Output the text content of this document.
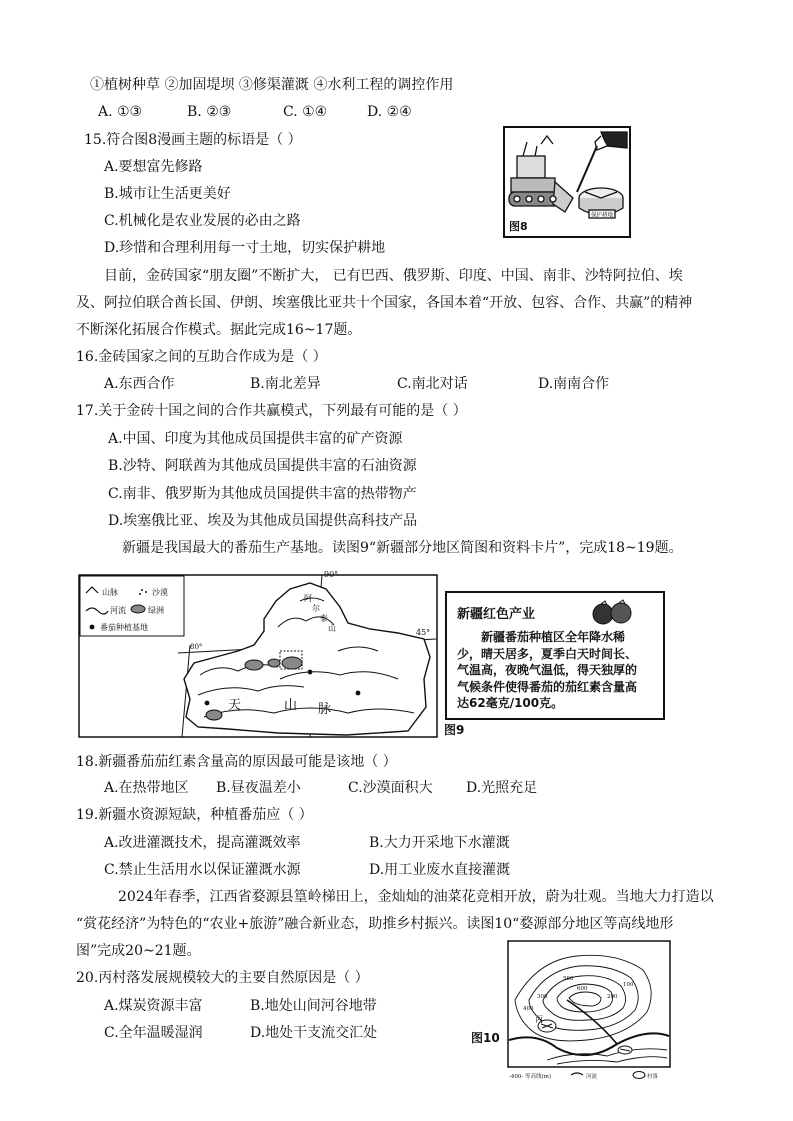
①植树种草 ②加固堤坝 ③修渠灌溉 ④水利工程的调控作用
A. ①③	B. ②③	C. ①④	D. ②④
15.符合图8漫画主题的标语是（ ）
A.要想富先修路
B.城市让生活更美好
C.机械化是农业发展的必由之路
D.珍惜和合理利用每一寸土地，切实保护耕地
保护耕地
图8
目前，金砖国家“朋友圈”不断扩大， 已有巴西、俄罗斯、印度、中国、南非、沙特阿拉伯、埃
及、阿拉伯联合酋长国、伊朗、埃塞俄比亚共十个国家，各国本着“开放、包容、合作、共赢”的精神
不断深化拓展合作模式。据此完成16~17题。
16.金砖国家之间的互助合作成为是（ ）
A.东西合作	B.南北差异	C.南北对话	D.南南合作
17.关于金砖十国之间的合作共赢模式，下列最有可能的是（ ）
A.中国、印度为其他成员国提供丰富的矿产资源
B.沙特、阿联酋为其他成员国提供丰富的石油资源
C.南非、俄罗斯为其他成员国提供丰富的热带物产
D.埃塞俄比亚、埃及为其他成员国提供高科技产品
新疆是我国最大的番茄生产基地。读图9“新疆部分地区简图和资料卡片”，完成18~19题。
90°
80°
45°
天	山 脉
阿
尔
泰
山
山脉	沙漠
河流	绿洲
番茄种植基地
新疆红色产业
新疆番茄种植区全年降水稀
少，晴天居多，夏季白天时间长、
气温高，夜晚气温低，得天独厚的
气候条件使得番茄的茄红素含量高
达62毫克/100克。
图9
18.新疆番茄茄红素含量高的原因最可能是该地（ ）
A.在热带地区 B.昼夜温差小	C.沙漠面积大 D.光照充足
19.新疆水资源短缺，种植番茄应（ ）
A.改进灌溉技术，提高灌溉效率	B.大力开采地下水灌溉
C.禁止生活用水以保证灌溉水源	D.用工业废水直接灌溉
2024年春季，江西省婺源县篁岭梯田上，金灿灿的油菜花竞相开放，蔚为壮观。当地大力打造以
“赏花经济”为特色的“农业+旅游”融合新业态，助推乡村振兴。读图10“婺源部分地区等高线地形
图”完成20~21题。
20.丙村落发展规模较大的主要自然原因是（ ）
A.煤炭资源丰富	B.地处山间河谷地带
C.全年温暖湿润	D.地处干支流交汇处	图10
丙
100
200
300
400
500
600
-400- 等高线(m)	河流	村落
